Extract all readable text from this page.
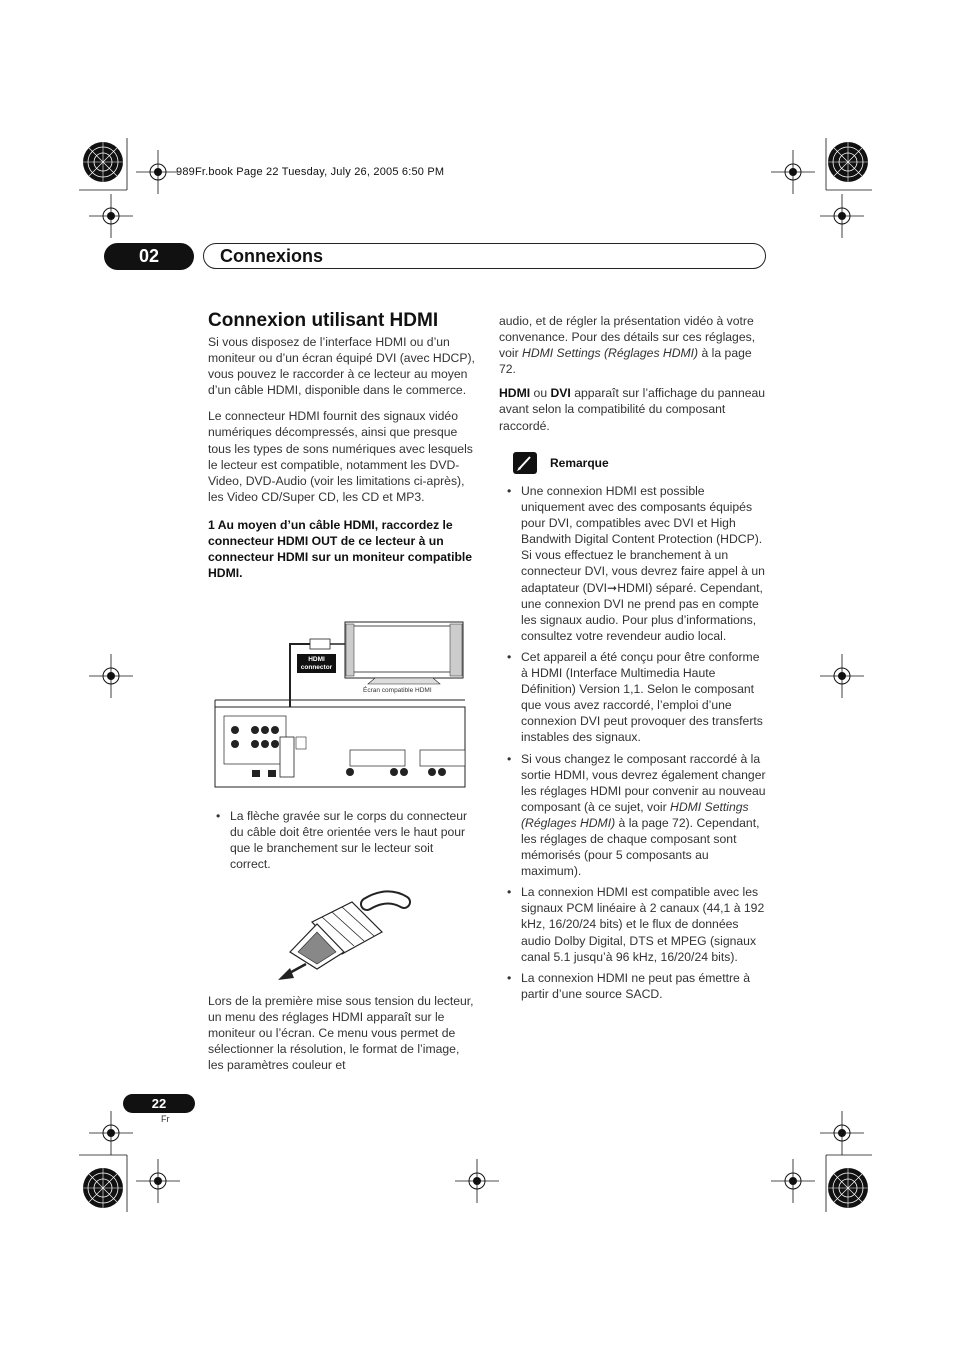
989Fr.book Page 22 Tuesday, July 26, 2005 6:50 PM
02	Connexions
Connexion utilisant HDMI

Si vous disposez de l’interface HDMI ou d’un moniteur ou d’un écran équipé DVI (avec HDCP), vous pouvez le raccorder à ce lecteur au moyen d’un câble HDMI, disponible dans le commerce.

Le connecteur HDMI fournit des signaux vidéo numériques décompressés, ainsi que presque tous les types de sons numériques avec lesquels le lecteur est compatible, notamment les DVD-Video, DVD-Audio (voir les limitations ci-après), les Video CD/Super CD, les CD et MP3.

1 Au moyen d’un câble HDMI, raccordez le connecteur HDMI OUT de ce lecteur à un connecteur HDMI sur un moniteur compatible HDMI.

HDMI
connector
Écran compatible HDMI
• La flèche gravée sur le corps du connecteur du câble doit être orientée vers le haut pour que le branchement sur le lecteur soit correct.

Lors de la première mise sous tension du lecteur, un menu des réglages HDMI apparaît sur le moniteur ou l’écran. Ce menu vous permet de sélectionner la résolution, le format de l’image, les paramètres couleur et

audio, et de régler la présentation vidéo à votre convenance. Pour des détails sur ces réglages, voir HDMI Settings (Réglages HDMI) à la page 72.

HDMI ou DVI apparaît sur l’affichage du panneau avant selon la compatibilité du composant raccordé.

Remarque
• Une connexion HDMI est possible uniquement avec des composants équipés pour DVI, compatibles avec DVI et High Bandwith Digital Content Protection (HDCP). Si vous effectuez le branchement à un connecteur DVI, vous devrez faire appel à un adaptateur (DVI➞HDMI) séparé. Cependant, une connexion DVI ne prend pas en compte les signaux audio. Pour plus d’informations, consultez votre revendeur audio local.
• Cet appareil a été conçu pour être conforme à HDMI (Interface Multimedia Haute Définition) Version 1,1. Selon le composant que vous avez raccordé, l’emploi d’une connexion DVI peut provoquer des transferts instables des signaux.
• Si vous changez le composant raccordé à la sortie HDMI, vous devrez également changer les réglages HDMI pour convenir au nouveau composant (à ce sujet, voir HDMI Settings (Réglages HDMI) à la page 72). Cependant, les réglages de chaque composant sont mémorisés (pour 5 composants au maximum).
• La connexion HDMI est compatible avec les signaux PCM linéaire à 2 canaux (44,1 à 192 kHz, 16/20/24 bits) et le flux de données audio Dolby Digital, DTS et MPEG (signaux canal 5.1 jusqu’à 96 kHz, 16/20/24 bits).
• La connexion HDMI ne peut pas émettre à partir d’une source SACD.
22
Fr
